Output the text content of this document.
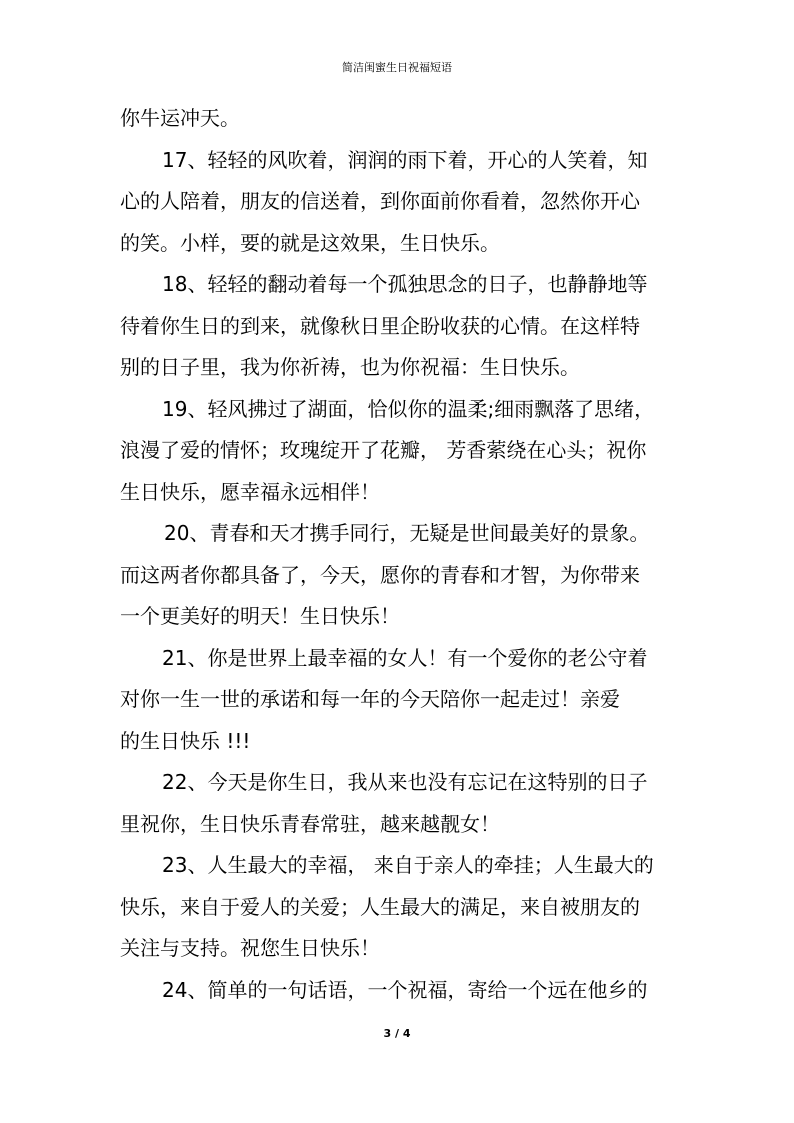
简洁闺蜜生日祝福短语
你牛运冲天。
17、轻轻的风吹着，润润的雨下着，开心的人笑着，知
心的人陪着，朋友的信送着，到你面前你看着，忽然你开心
的笑。小样，要的就是这效果，生日快乐。
18、轻轻的翻动着每一个孤独思念的日子，也静静地等
待着你生日的到来，就像秋日里企盼收获的心情。在这样特
别的日子里，我为你祈祷，也为你祝福：生日快乐。
19、轻风拂过了湖面，恰似你的温柔;细雨飘落了思绪，
浪漫了爱的情怀；玫瑰绽开了花瓣， 芳香萦绕在心头；祝你
生日快乐，愿幸福永远相伴！
20、青春和天才携手同行，无疑是世间最美好的景象。
而这两者你都具备了，今天，愿你的青春和才智，为你带来
一个更美好的明天！生日快乐！
21、你是世界上最幸福的女人！有一个爱你的老公守着
对你一生一世的承诺和每一年的今天陪你一起走过！亲爱
的生日快乐 !!!
22、今天是你生日，我从来也没有忘记在这特别的日子
里祝你，生日快乐青春常驻，越来越靓女！
23、人生最大的幸福， 来自于亲人的牵挂；人生最大的
快乐，来自于爱人的关爱；人生最大的满足，来自被朋友的
关注与支持。祝您生日快乐！
24、简单的一句话语，一个祝福，寄给一个远在他乡的
3 / 4
